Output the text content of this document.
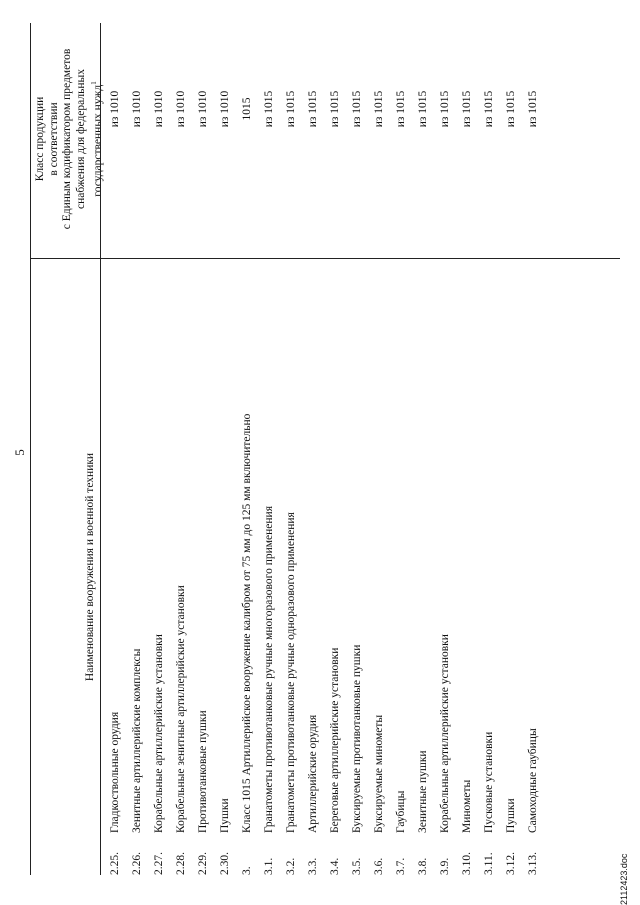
5
Наименование вооружения и военной техники
Класс продукции в соответствии с Единым кодификатором предметов снабжения для федеральных государственных нужд$^1$
2.25.
Гладкоствольные орудия
из 1010
2.26.
Зенитные артиллерийские комплексы
из 1010
2.27.
Корабельные артиллерийские установки
из 1010
2.28.
Корабельные зенитные артиллерийские установки
из 1010
2.29.
Противотанковые пушки
из 1010
2.30.
Пушки
из 1010
3.
Класс 1015 Артиллерийское вооружение калибром от 75 мм до 125 мм включительно
1015
3.1.
Гранатометы противотанковые ручные многоразового применения
из 1015
3.2.
Гранатометы противотанковые ручные одноразового применения
из 1015
3.3.
Артиллерийские орудия
из 1015
3.4.
Береговые артиллерийские установки
из 1015
3.5.
Буксируемые противотанковые пушки
из 1015
3.6.
Буксируемые минометы
из 1015
3.7.
Гаубицы
из 1015
3.8.
Зенитные пушки
из 1015
3.9.
Корабельные артиллерийские установки
из 1015
3.10.
Минометы
из 1015
3.11.
Пусковые установки
из 1015
3.12.
Пушки
из 1015
3.13.
Самоходные гаубицы
из 1015
2112423.doc
